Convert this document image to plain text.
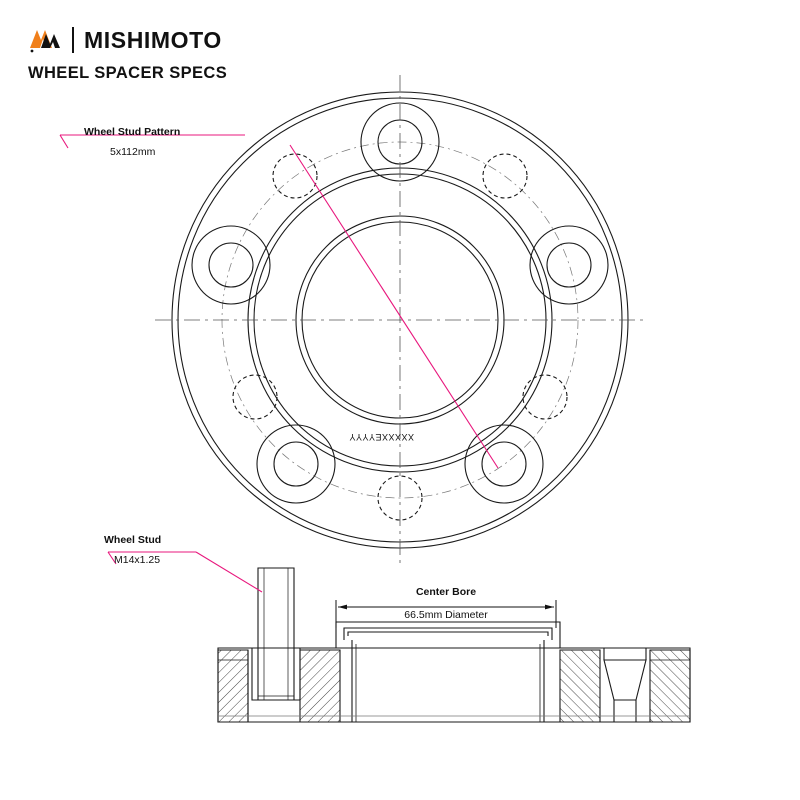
MISHIMOTO
WHEEL SPACER SPECS
Wheel Stud Pattern
5x112mm
Wheel Stud
M14x1.25
Center Bore
66.5mm Diameter
XXXXXEYYYY
